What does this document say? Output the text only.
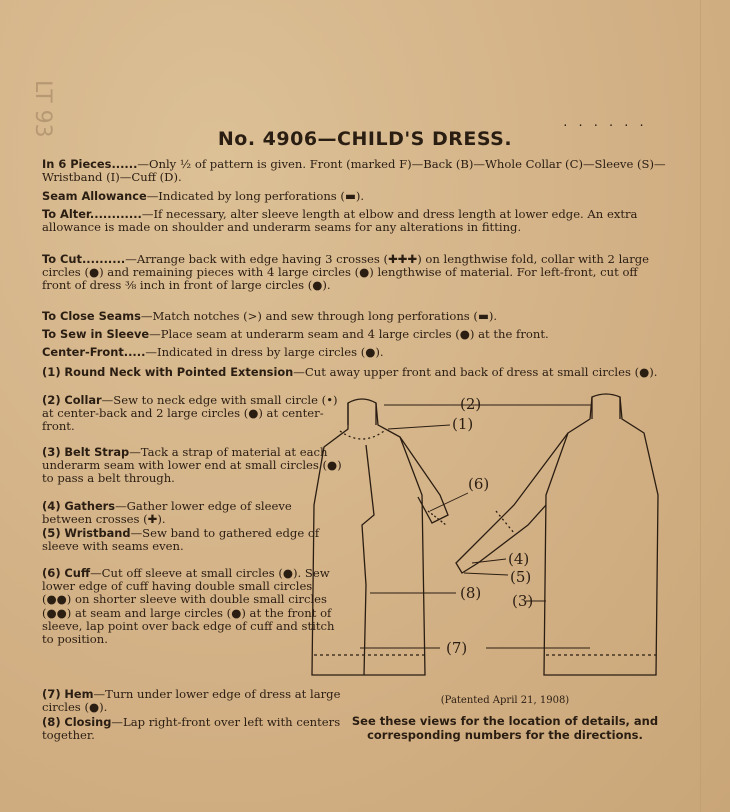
LT 93	· · · · · ·
No. 4906—CHILD'S DRESS.
In 6 Pieces......—Only ½ of pattern is given. Front (marked F)—Back (B)—Whole Collar (C)—Sleeve (S)—Wristband (I)—Cuff (D).
Seam Allowance—Indicated by long perforations (▬).
To Alter............—If necessary, alter sleeve length at elbow and dress length at lower edge. An extra allowance is made on shoulder and underarm seams for any alterations in fitting.
To Cut..........—Arrange back with edge having 3 crosses (✚✚✚) on lengthwise fold, collar with 2 large circles (●) and remaining pieces with 4 large circles (●) lengthwise of material. For left-front, cut off front of dress ⅜ inch in front of large circles (●).
To Close Seams—Match notches (>) and sew through long perforations (▬).
To Sew in Sleeve—Place seam at underarm seam and 4 large circles (●) at the front.
Center-Front.....—Indicated in dress by large circles (●).
(1) Round Neck with Pointed Extension—Cut away upper front and back of dress at small circles (●).
(2) Collar—Sew to neck edge with small circle (•) at center-back and 2 large circles (●) at center-front.
(3) Belt Strap—Tack a strap of material at each underarm seam with lower end at small circles (●) to pass a belt through.
(4) Gathers—Gather lower edge of sleeve between crosses (✚).
(5) Wristband—Sew band to gathered edge of sleeve with seams even.
(6) Cuff—Cut off sleeve at small circles (●). Sew lower edge of cuff having double small circles (●●) on shorter sleeve with double small circles (●●) at seam and large circles (●) at the front of sleeve, lap point over back edge of cuff and stitch to position.
(7) Hem—Turn under lower edge of dress at large circles (●).
(8) Closing—Lap right-front over left with centers together.
(2)
(1)
(6)
(4)
(5)
(8) (3)
(7)
(Patented April 21, 1908)
See these views for the location of details, and corresponding numbers for the directions.
